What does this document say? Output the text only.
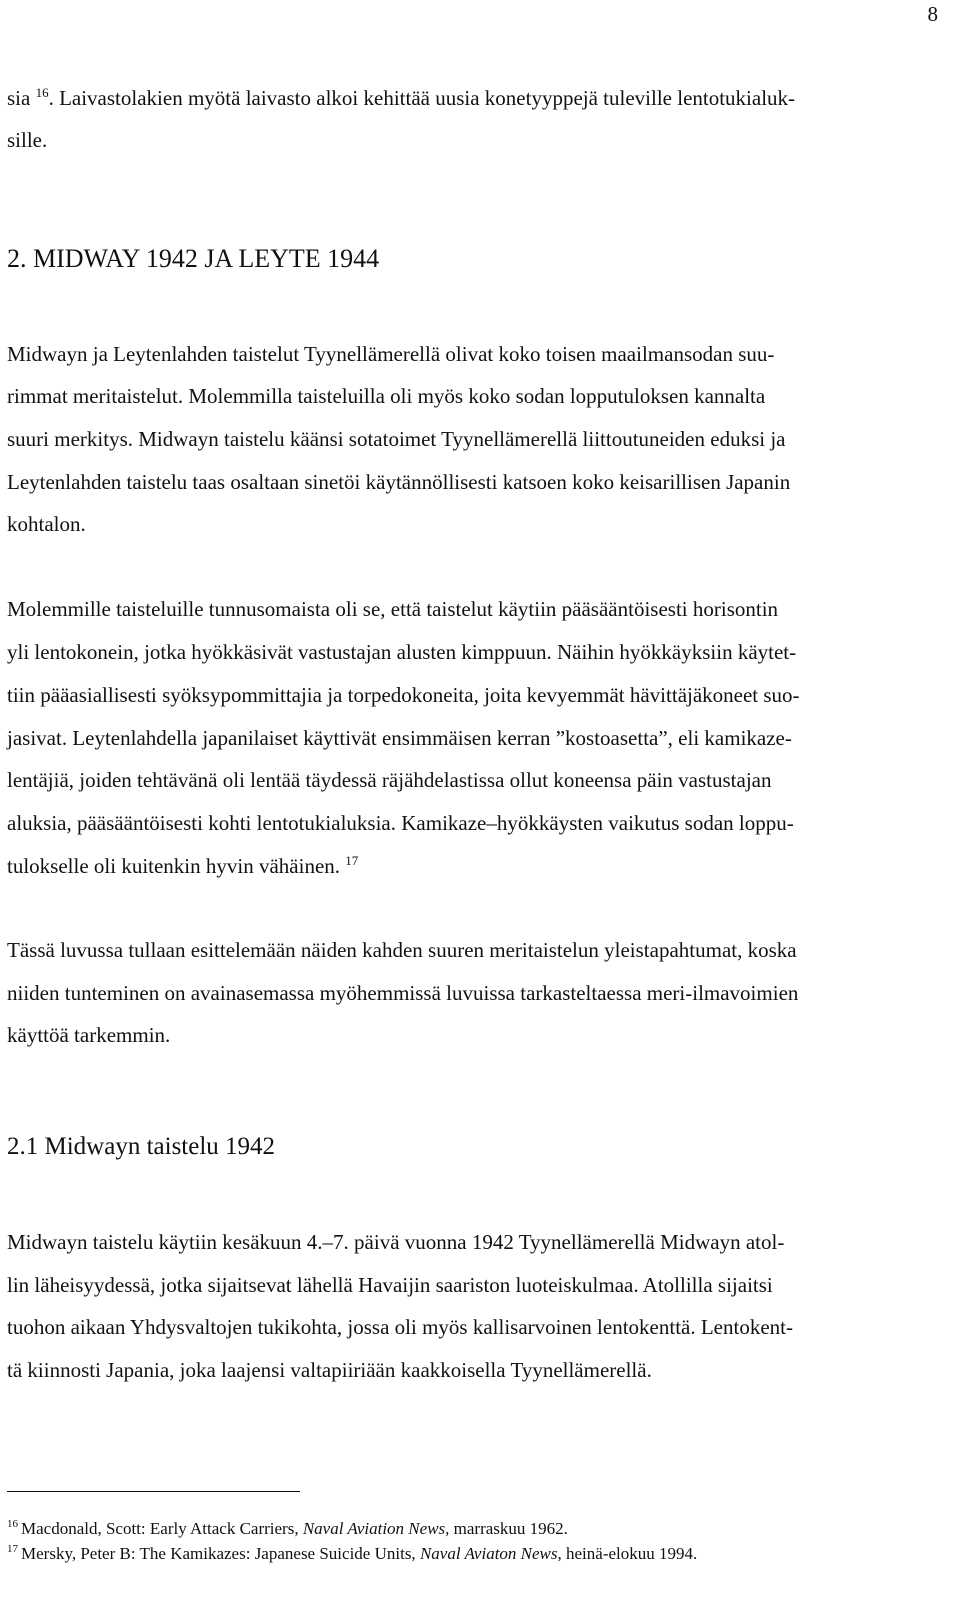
8
sia $^{16}$. Laivastolakien myötä laivasto alkoi kehittää uusia konetyyppejä tuleville lentotukialuk-
sille.
2. MIDWAY 1942 JA LEYTE 1944
Midwayn ja Leytenlahden taistelut Tyynellämerellä olivat koko toisen maailmansodan suu-
rimmat meritaistelut. Molemmilla taisteluilla oli myös koko sodan lopputuloksen kannalta
suuri merkitys. Midwayn taistelu käänsi sotatoimet Tyynellämerellä liittoutuneiden eduksi ja
Leytenlahden taistelu taas osaltaan sinetöi käytännöllisesti katsoen koko keisarillisen Japanin
kohtalon.
Molemmille taisteluille tunnusomaista oli se, että taistelut käytiin pääsääntöisesti horisontin
yli lentokonein, jotka hyökkäsivät vastustajan alusten kimppuun. Näihin hyökkäyksiin käytet-
tiin pääasiallisesti syöksypommittajia ja torpedokoneita, joita kevyemmät hävittäjäkoneet suo-
jasivat. Leytenlahdella japanilaiset käyttivät ensimmäisen kerran ”kostoasetta”, eli kamikaze-
lentäjiä, joiden tehtävänä oli lentää täydessä räjähdelastissa ollut koneensa päin vastustajan
aluksia, pääsääntöisesti kohti lentotukialuksia. Kamikaze–hyökkäysten vaikutus sodan loppu-
tulokselle oli kuitenkin hyvin vähäinen. $^{17}$
Tässä luvussa tullaan esittelemään näiden kahden suuren meritaistelun yleistapahtumat, koska
niiden tunteminen on avainasemassa myöhemmissä luvuissa tarkasteltaessa meri-ilmavoimien
käyttöä tarkemmin.
2.1 Midwayn taistelu 1942
Midwayn taistelu käytiin kesäkuun 4.–7. päivä vuonna 1942 Tyynellämerellä Midwayn atol-
lin läheisyydessä, jotka sijaitsevat lähellä Havaijin saariston luoteiskulmaa. Atollilla sijaitsi
tuohon aikaan Yhdysvaltojen tukikohta, jossa oli myös kallisarvoinen lentokenttä. Lentokent-
tä kiinnosti Japania, joka laajensi valtapiiriään kaakkoisella Tyynellämerellä.
$^{16}$ Macdonald, Scott: Early Attack Carriers, Naval Aviation News, marraskuu 1962.
$^{17}$ Mersky, Peter B: The Kamikazes: Japanese Suicide Units, Naval Aviaton News, heinä-elokuu 1994.
